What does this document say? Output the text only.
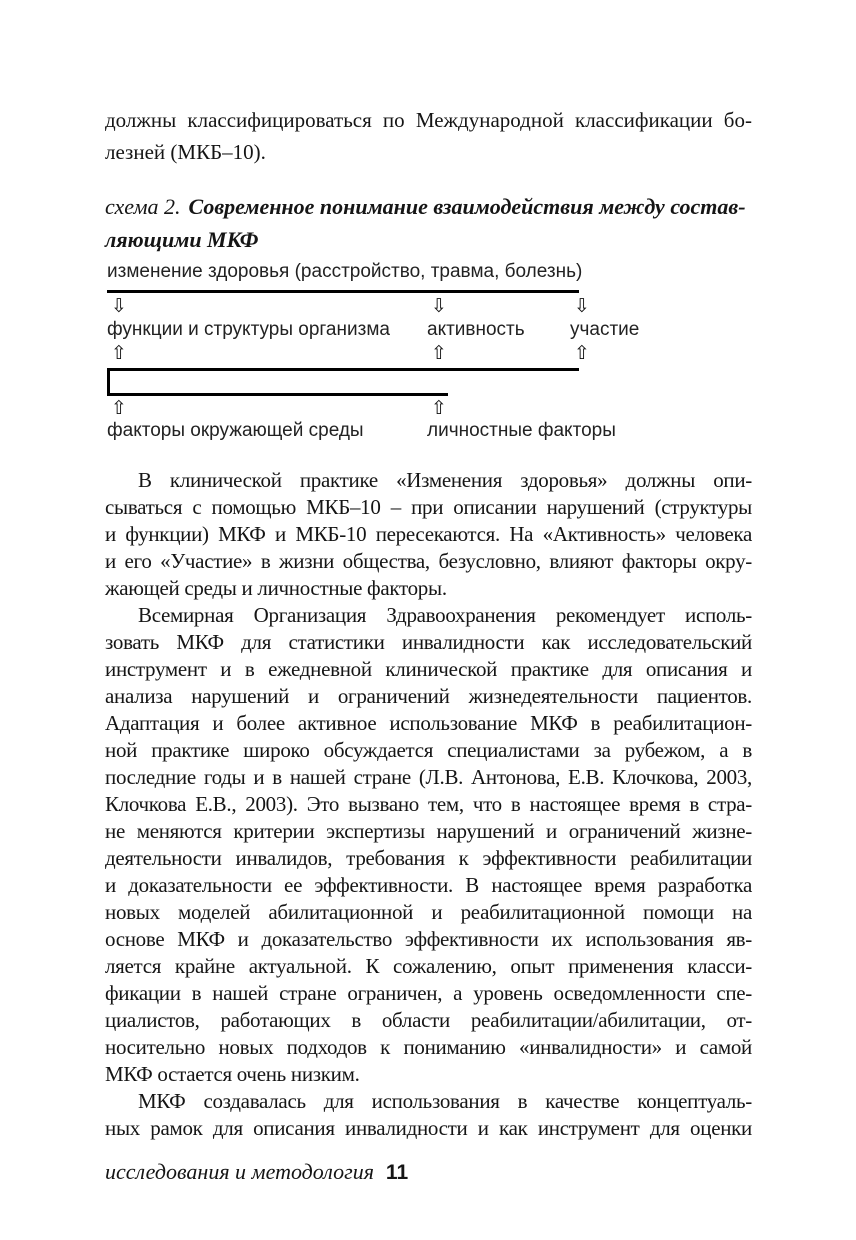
должны классифицироваться по Международной классификации бо-
лезней (МКБ–10).
схема 2. Современное понимание взаимодействия между состав-
ляющими МКФ
изменение здоровья (расстройство, травма, болезнь)
⇩	⇩	⇩
функции и структуры организма активность участие
⇧	⇧	⇧
⇧	⇧
факторы окружающей среды	личностные факторы
В клинической практике «Изменения здоровья» должны опи-
сываться с помощью МКБ–10 – при описании нарушений (структуры
и функции) МКФ и МКБ-10 пересекаются. На «Активность» человека
и его «Участие» в жизни общества, безусловно, влияют факторы окру-
жающей среды и личностные факторы.
Всемирная Организация Здравоохранения рекомендует исполь-
зовать МКФ для статистики инвалидности как исследовательский
инструмент и в ежедневной клинической практике для описания и
анализа нарушений и ограничений жизнедеятельности пациентов.
Адаптация и более активное использование МКФ в реабилитацион-
ной практике широко обсуждается специалистами за рубежом, а в
последние годы и в нашей стране (Л.В. Антонова, Е.В. Клочкова, 2003,
Клочкова Е.В., 2003). Это вызвано тем, что в настоящее время в стра-
не меняются критерии экспертизы нарушений и ограничений жизне-
деятельности инвалидов, требования к эффективности реабилитации
и доказательности ее эффективности. В настоящее время разработка
новых моделей абилитационной и реабилитационной помощи на
основе МКФ и доказательство эффективности их использования яв-
ляется крайне актуальной. К сожалению, опыт применения класси-
фикации в нашей стране ограничен, а уровень осведомленности спе-
циалистов, работающих в области реабилитации/абилитации, от-
носительно новых подходов к пониманию «инвалидности» и самой
МКФ остается очень низким.
МКФ создавалась для использования в качестве концептуаль-
ных рамок для описания инвалидности и как инструмент для оценки
исследования и методология 11
